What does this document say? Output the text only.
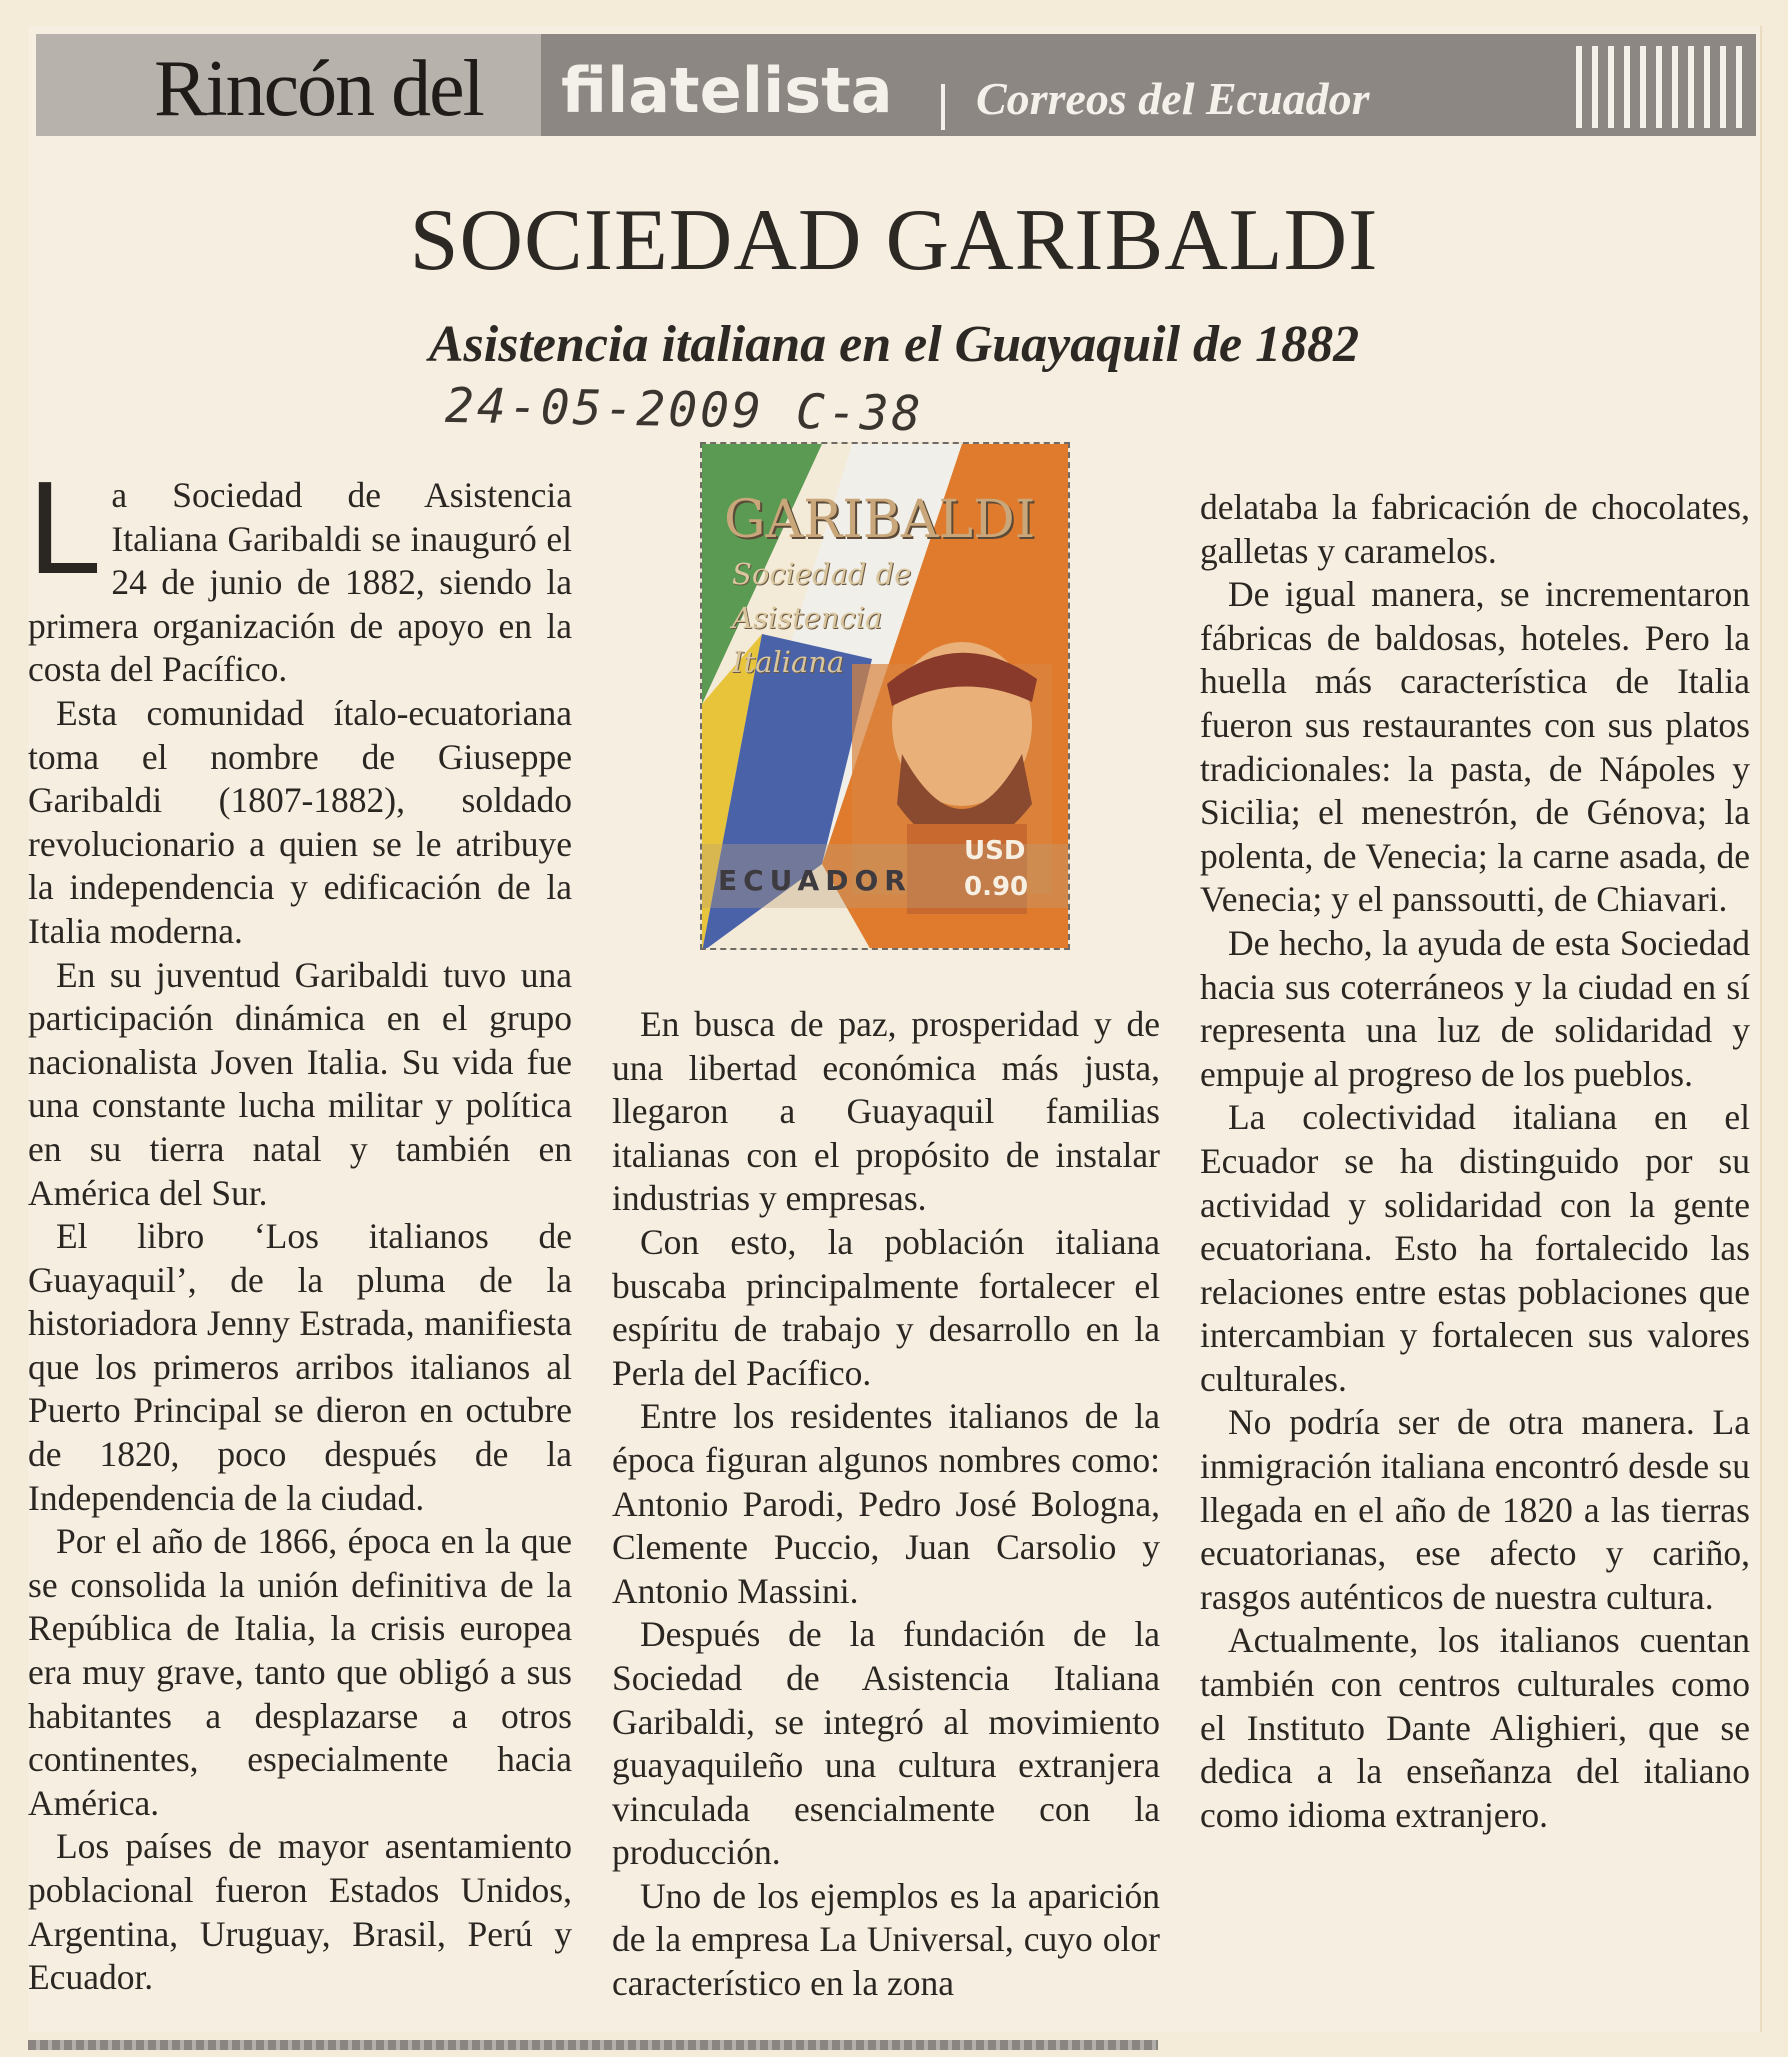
Rincón del filatelista Correos del Ecuador
SOCIEDAD GARIBALDI
Asistencia italiana en el Guayaquil de 1882
24-05-2009 C-38

La Sociedad de Asistencia Italiana Garibaldi se inauguró el 24 de junio de 1882, siendo la primera organización de apoyo en la costa del Pacífico.

Esta comunidad ítalo-ecuatoriana toma el nombre de Giuseppe Garibaldi (1807-1882), soldado revolucionario a quien se le atribuye la independencia y edificación de la Italia moderna.

En su juventud Garibaldi tuvo una participación dinámica en el grupo nacionalista Joven Italia. Su vida fue una constante lucha militar y política en su tierra natal y también en América del Sur.

El libro ‘Los italianos de Guayaquil’, de la pluma de la historiadora Jenny Estrada, manifiesta que los primeros arribos italianos al Puerto Principal se dieron en octubre de 1820, poco después de la Independencia de la ciudad.

Por el año de 1866, época en la que se consolida la unión definitiva de la República de Italia, la crisis europea era muy grave, tanto que obligó a sus habitantes a desplazarse a otros continentes, especialmente hacia América.

Los países de mayor asentamiento poblacional fueron Estados Unidos, Argentina, Uruguay, Brasil, Perú y Ecuador.

GARIBALDI
Sociedad de Asistencia
Italiana
ECUADOR
USD
0.90

En busca de paz, prosperidad y de una libertad económica más justa, llegaron a Guayaquil familias italianas con el propósito de instalar industrias y empresas.

Con esto, la población italiana buscaba principalmente fortalecer el espíritu de trabajo y desarrollo en la Perla del Pacífico.

Entre los residentes italianos de la época figuran algunos nombres como: Antonio Parodi, Pedro José Bologna, Clemente Puccio, Juan Carsolio y Antonio Massini.

Después de la fundación de la Sociedad de Asistencia Italiana Garibaldi, se integró al movimiento guayaquileño una cultura extranjera vinculada esencialmente con la producción.

Uno de los ejemplos es la aparición de la empresa La Universal, cuyo olor característico en la zona

delataba la fabricación de chocolates, galletas y caramelos.

De igual manera, se incrementaron fábricas de baldosas, hoteles. Pero la huella más característica de Italia fueron sus restaurantes con sus platos tradicionales: la pasta, de Nápoles y Sicilia; el menestrón, de Génova; la polenta, de Venecia; la carne asada, de Venecia; y el panssoutti, de Chiavari.

De hecho, la ayuda de esta Sociedad hacia sus coterráneos y la ciudad en sí representa una luz de solidaridad y empuje al progreso de los pueblos.

La colectividad italiana en el Ecuador se ha distinguido por su actividad y solidaridad con la gente ecuatoriana. Esto ha fortalecido las relaciones entre estas poblaciones que intercambian y fortalecen sus valores culturales.

No podría ser de otra manera. La inmigración italiana encontró desde su llegada en el año de 1820 a las tierras ecuatorianas, ese afecto y cariño, rasgos auténticos de nuestra cultura.

Actualmente, los italianos cuentan también con centros culturales como el Instituto Dante Alighieri, que se dedica a la enseñanza del italiano como idioma extranjero.
